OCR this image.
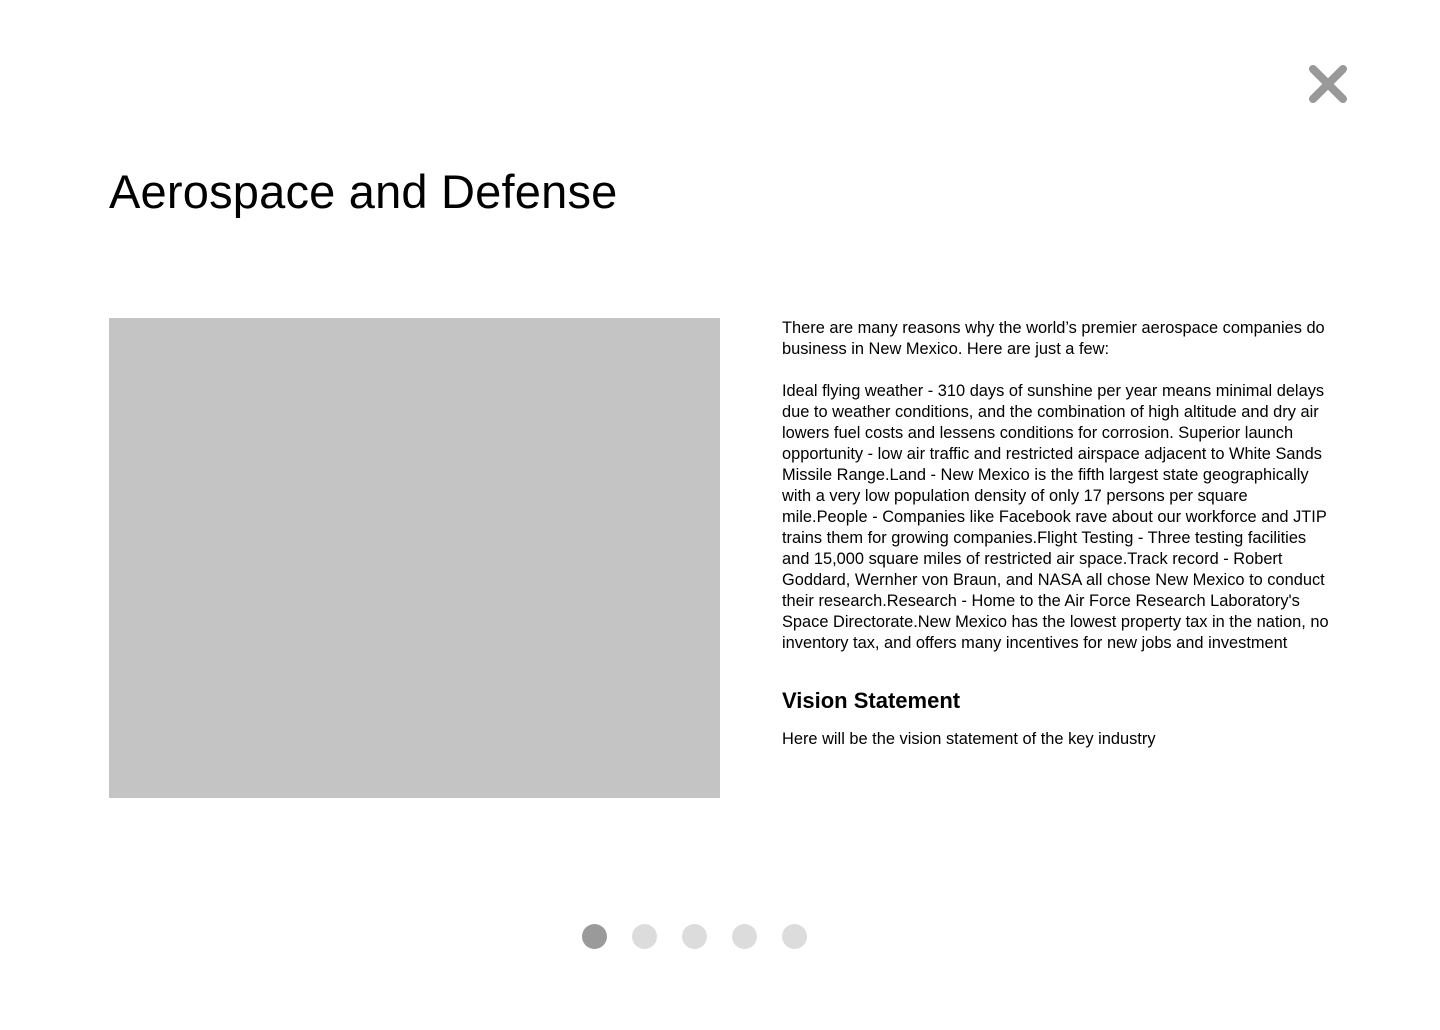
Aerospace and Defense

There are many reasons why the world’s premier aerospace companies do business in New Mexico. Here are just a few:

Ideal flying weather - 310 days of sunshine per year means minimal delays due to weather conditions, and the combination of high altitude and dry air lowers fuel costs and lessens conditions for corrosion. Superior launch opportunity - low air traffic and restricted airspace adjacent to White Sands Missile Range.Land - New Mexico is the fifth largest state geographically with a very low population density of only 17 persons per square mile.People - Companies like Facebook rave about our workforce and JTIP trains them for growing companies.Flight Testing - Three testing facilities and 15,000 square miles of restricted air space.Track record - Robert Goddard, Wernher von Braun, and NASA all chose New Mexico to conduct their research.Research - Home to the Air Force Research Laboratory's Space Directorate.New Mexico has the lowest property tax in the nation, no inventory tax, and offers many incentives for new jobs and investment

Vision Statement

Here will be the vision statement of the key industry
